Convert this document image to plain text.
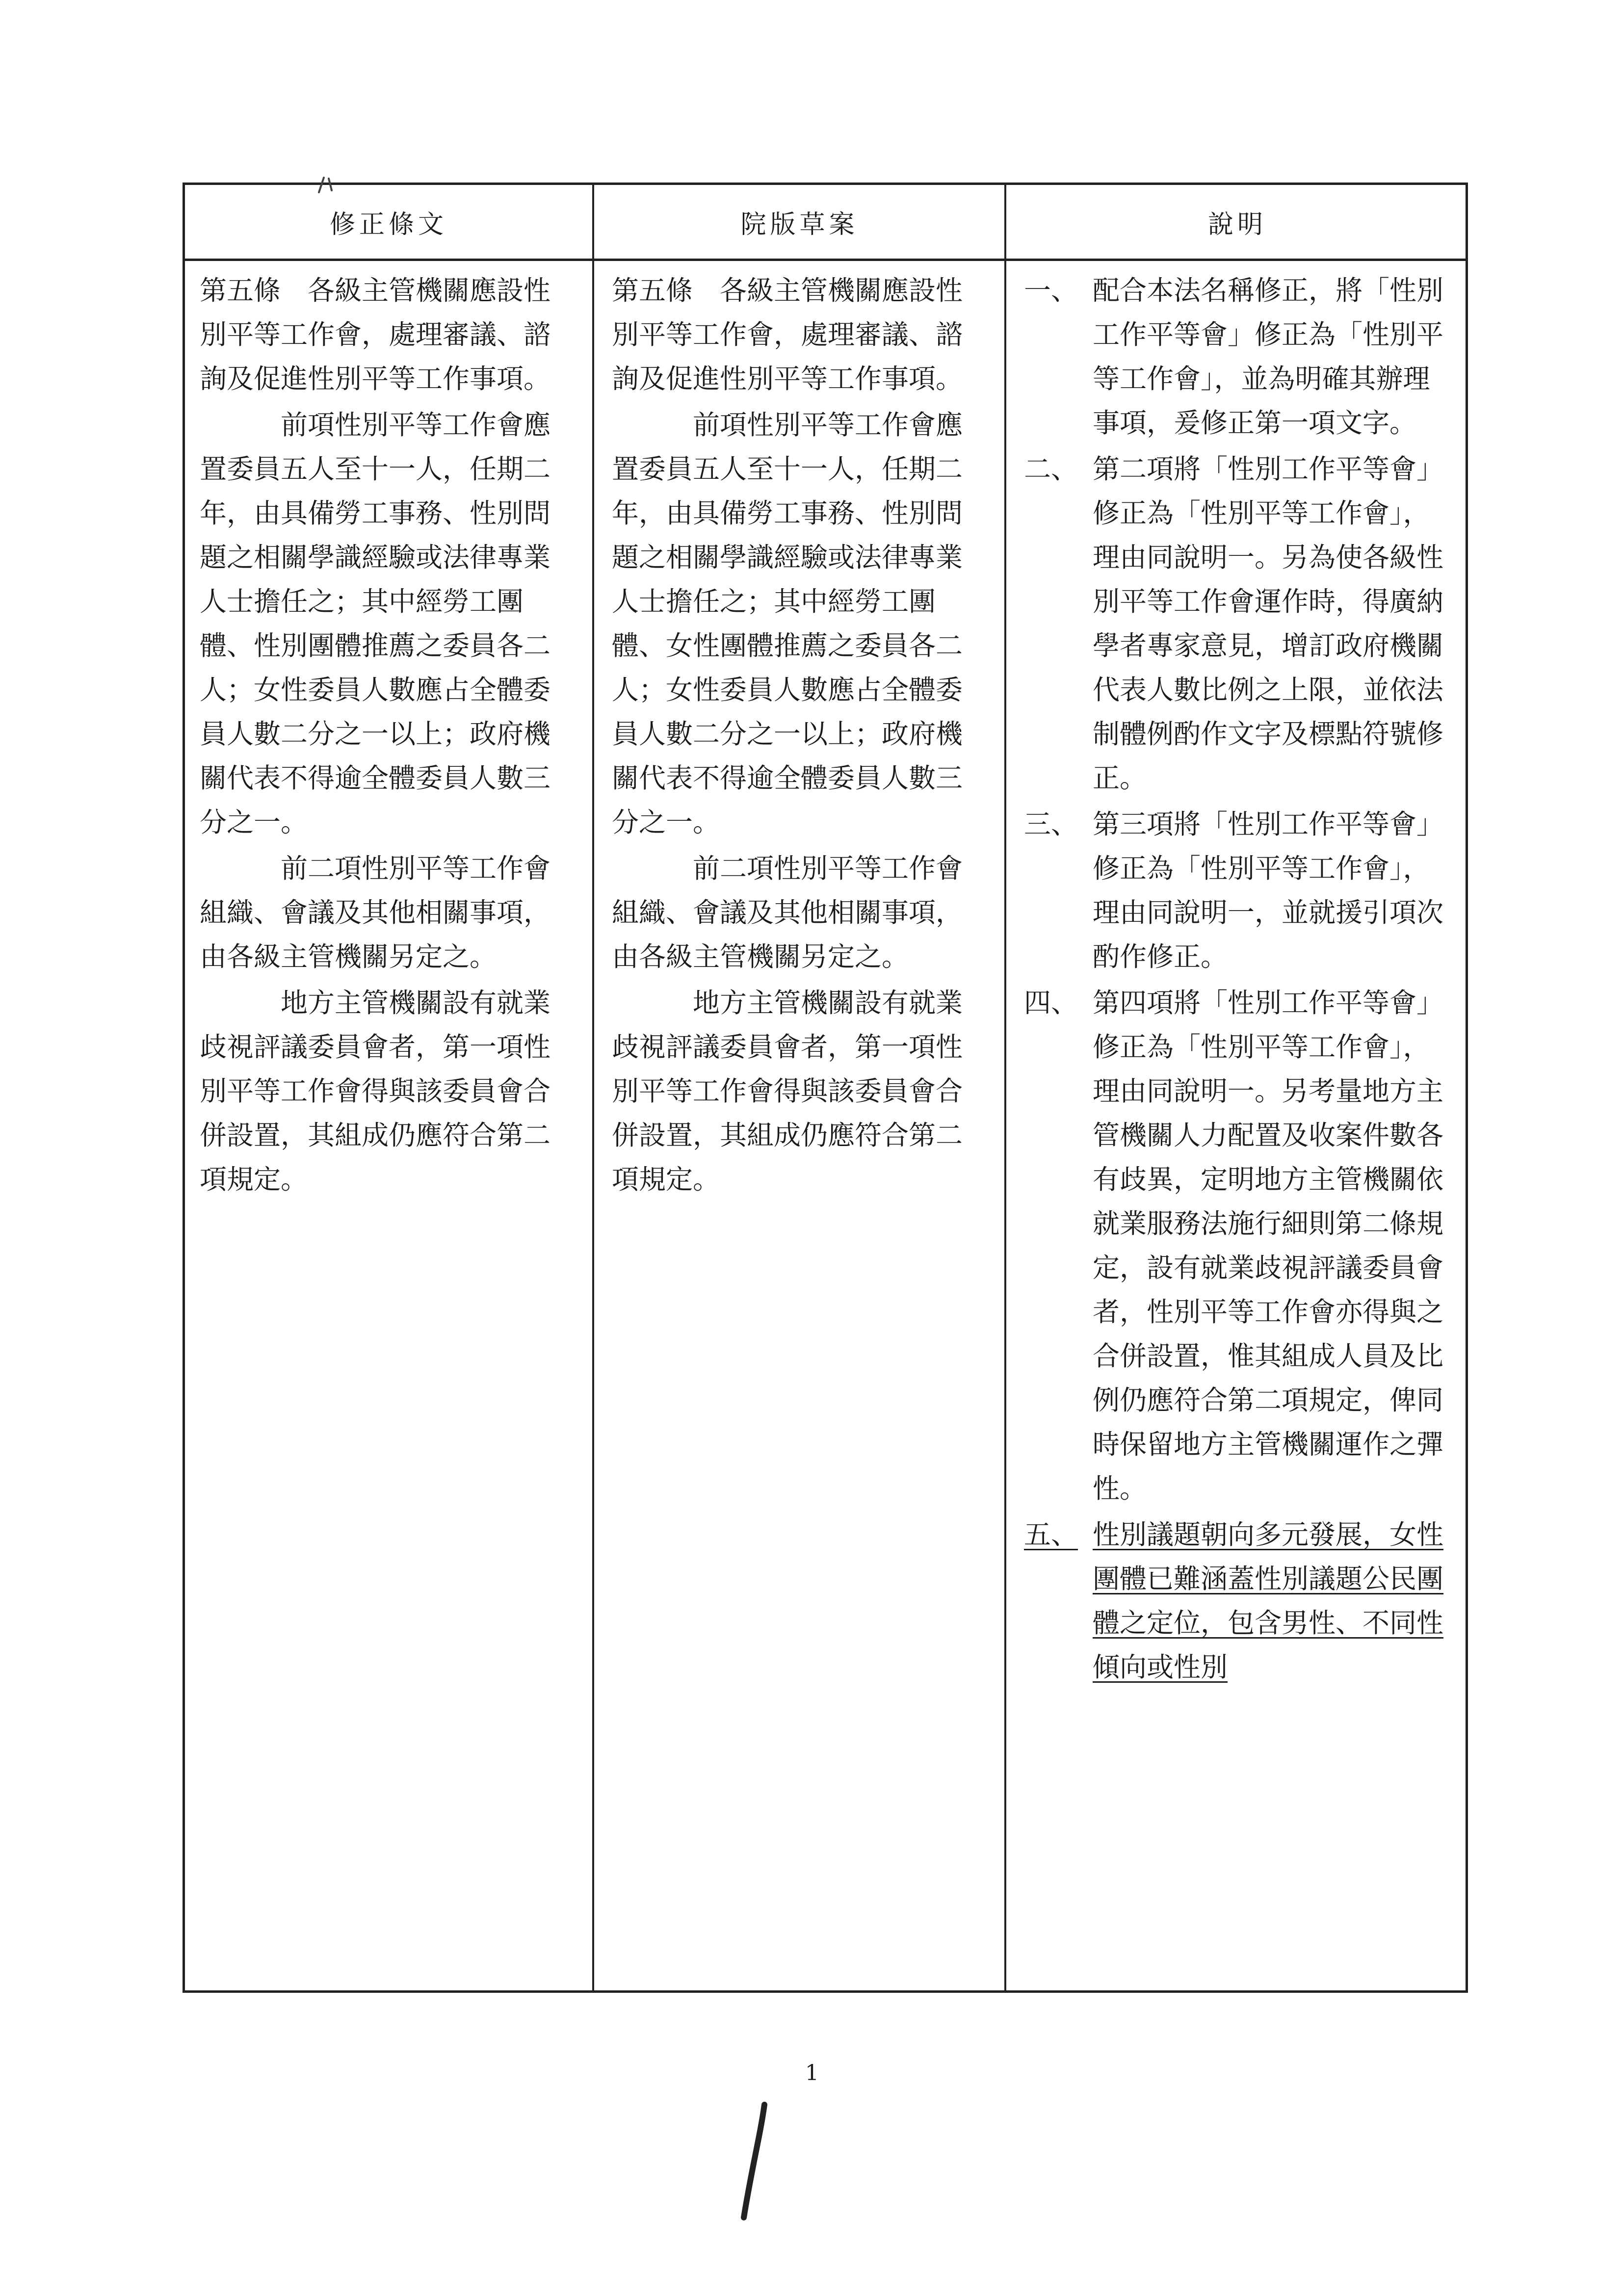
修正條文	院版草案	說明

第五條　各級主管機關應設性別平等工作會，處理審議、諮詢及促進性別平等工作事項。

前項性別平等工作會應置委員五人至十一人，任期二年，由具備勞工事務、性別問題之相關學識經驗或法律專業人士擔任之；其中經勞工團體、性別團體推薦之委員各二人；女性委員人數應占全體委員人數二分之一以上；政府機關代表不得逾全體委員人數三分之一。

前二項性別平等工作會組織、會議及其他相關事項，由各級主管機關另定之。

地方主管機關設有就業歧視評議委員會者，第一項性別平等工作會得與該委員會合併設置，其組成仍應符合第二項規定。

第五條　各級主管機關應設性別平等工作會，處理審議、諮詢及促進性別平等工作事項。

前項性別平等工作會應置委員五人至十一人，任期二年，由具備勞工事務、性別問題之相關學識經驗或法律專業人士擔任之；其中經勞工團體、女性團體推薦之委員各二人；女性委員人數應占全體委員人數二分之一以上；政府機關代表不得逾全體委員人數三分之一。

前二項性別平等工作會組織、會議及其他相關事項，由各級主管機關另定之。

地方主管機關設有就業歧視評議委員會者，第一項性別平等工作會得與該委員會合併設置，其組成仍應符合第二項規定。

一、 配合本法名稱修正，將「性別工作平等會」修正為「性別平等工作會」，並為明確其辦理事項，爰修正第一項文字。
二、 第二項將「性別工作平等會」修正為「性別平等工作會」，理由同說明一。另為使各級性別平等工作會運作時，得廣納學者專家意見，增訂政府機關代表人數比例之上限，並依法制體例酌作文字及標點符號修正。
三、 第三項將「性別工作平等會」修正為「性別平等工作會」，理由同說明一，並就援引項次酌作修正。
四、 第四項將「性別工作平等會」修正為「性別平等工作會」，理由同說明一。另考量地方主管機關人力配置及收案件數各有歧異，定明地方主管機關依就業服務法施行細則第二條規定，設有就業歧視評議委員會者，性別平等工作會亦得與之合併設置，惟其組成人員及比例仍應符合第二項規定，俾同時保留地方主管機關運作之彈性。
五、 性別議題朝向多元發展，女性團體已難涵蓋性別議題公民團體之定位，包含男性、不同性傾向或性別
1
